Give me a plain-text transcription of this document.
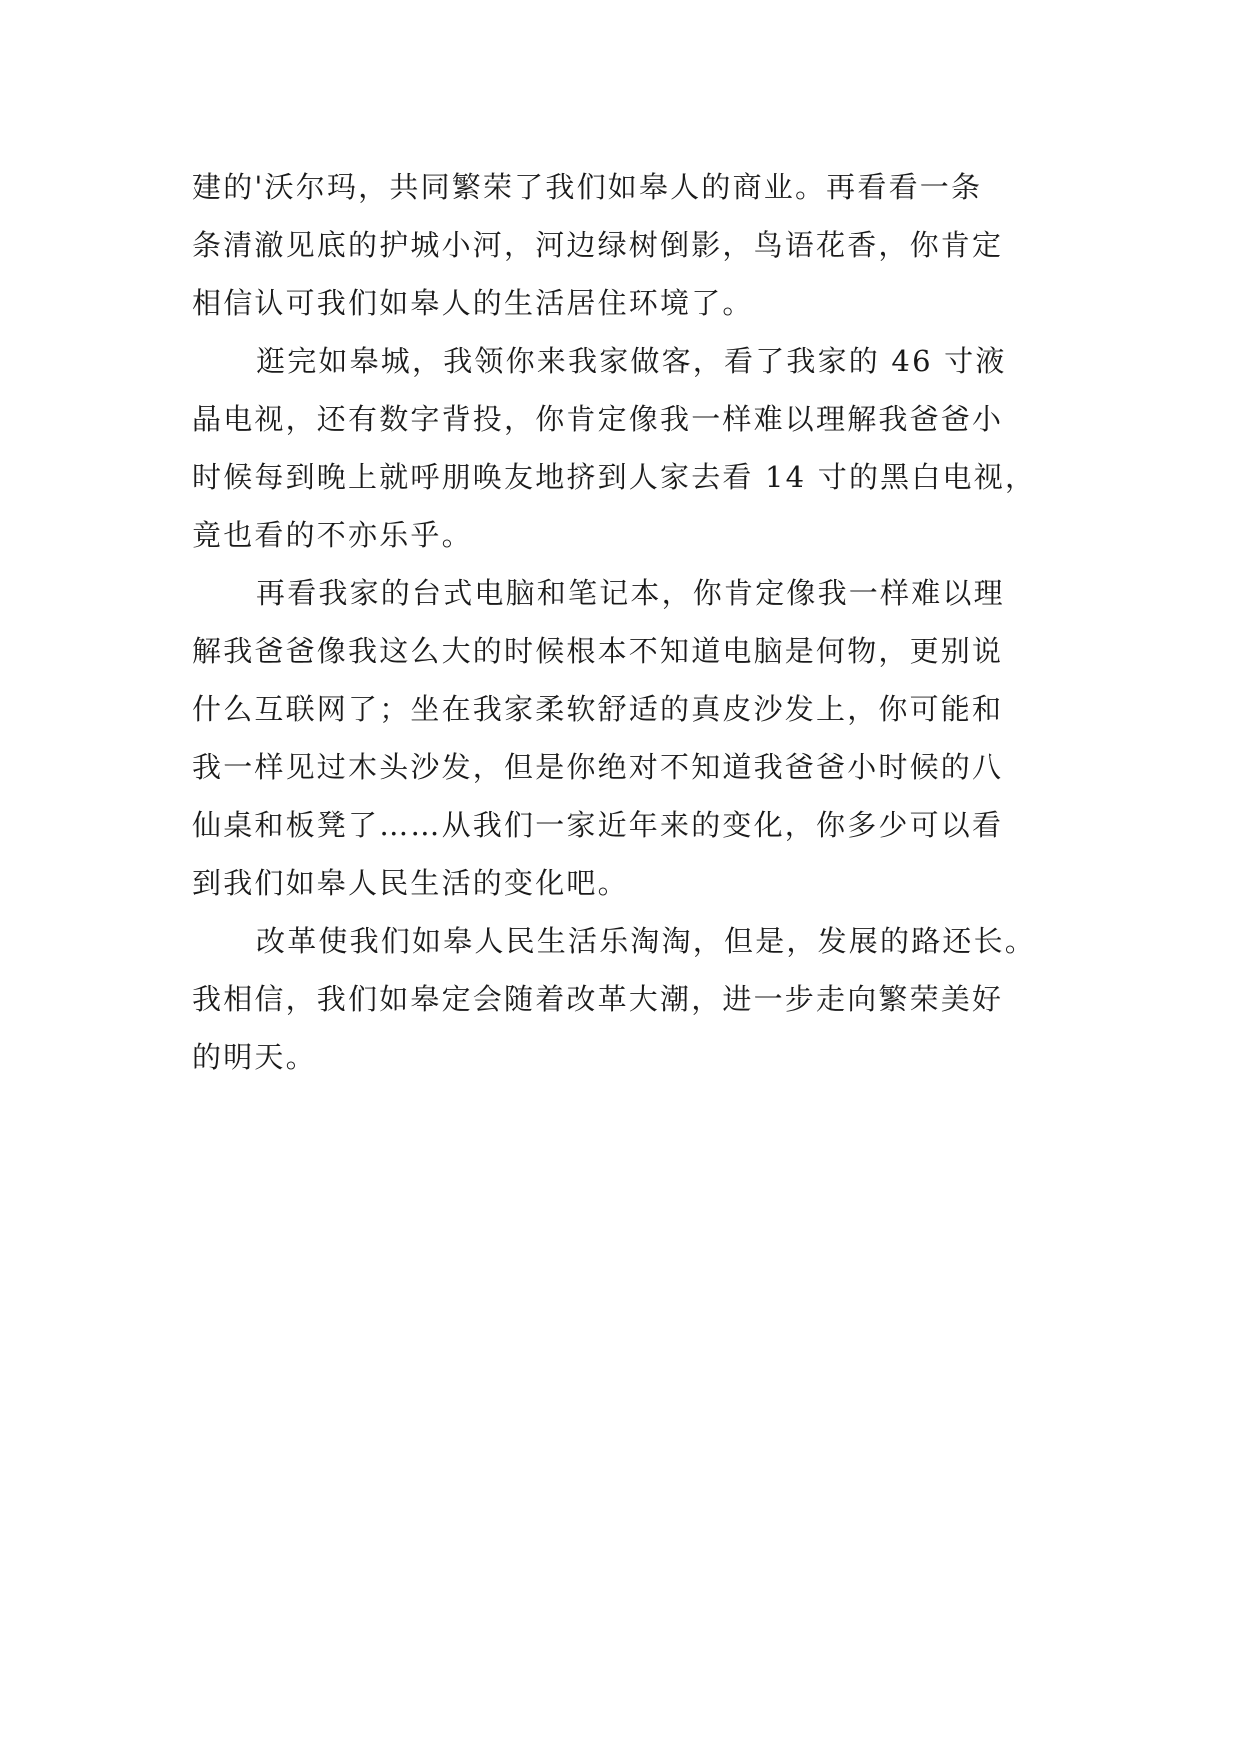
建的'沃尔玛，共同繁荣了我们如皋人的商业。再看看一条
条清澈见底的护城小河，河边绿树倒影，鸟语花香，你肯定
相信认可我们如皋人的生活居住环境了。
逛完如皋城，我领你来我家做客，看了我家的 46 寸液
晶电视，还有数字背投，你肯定像我一样难以理解我爸爸小
时候每到晚上就呼朋唤友地挤到人家去看 14 寸的黑白电视，
竟也看的不亦乐乎。
再看我家的台式电脑和笔记本，你肯定像我一样难以理
解我爸爸像我这么大的时候根本不知道电脑是何物，更别说
什么互联网了；坐在我家柔软舒适的真皮沙发上，你可能和
我一样见过木头沙发，但是你绝对不知道我爸爸小时候的八
仙桌和板凳了……从我们一家近年来的变化，你多少可以看
到我们如皋人民生活的变化吧。
改革使我们如皋人民生活乐淘淘，但是，发展的路还长。
我相信，我们如皋定会随着改革大潮，进一步走向繁荣美好
的明天。
